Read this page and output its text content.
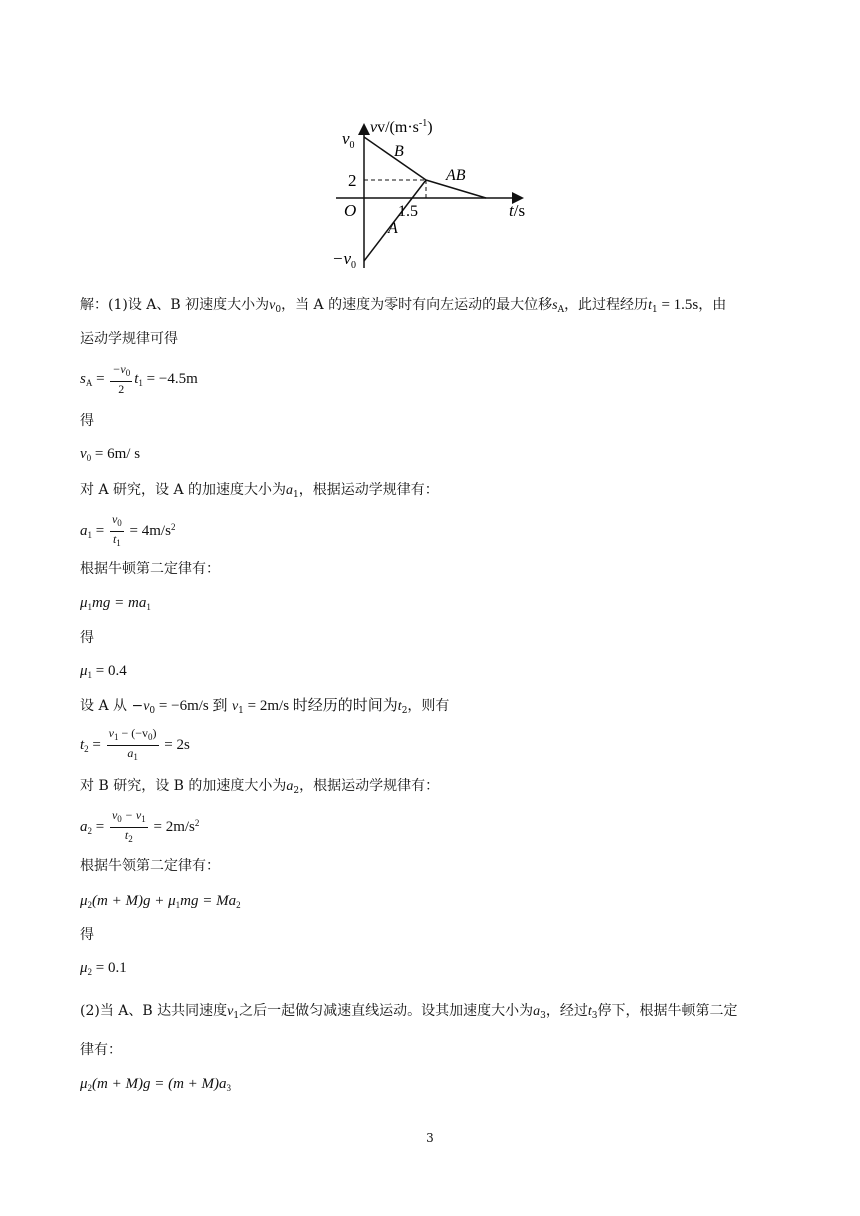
$vv/(m\cdot s^{-1})$
$v_0$
$-v_0$
2
O	1.5	t/s
B
A
AB
解：(1)设 A、B 初速度大小为$v_0$，当 A 的速度为零时有向左运动的最大位移$s_A$，此过程经历$t_1 = 1.5s$，由
运动学规律可得
$s_A = \frac{-v_0}{2} t_1 = -4.5m$
得
$v_0 = 6m/$ s
对 A 研究，设 A 的加速度大小为$a_1$，根据运动学规律有：
$a_1 = \frac{v_0}{t_1} = 4m/s^2$
根据牛顿第二定律有：
$\mu_1mg = ma_1$
得
$\mu_1 = 0.4$
设 A 从 $-v_0 = -6m/s$ 到 $v_1 = 2m/s$ 时经历的时间为$t_2$，则有
$t_2 = \frac{v_1 - (-v_0)}{a_1} = 2s$
对 B 研究，设 B 的加速度大小为$a_2$，根据运动学规律有：
$a_2 = \frac{v_0 - v_1}{t_2} = 2m/s^2$
根据牛领第二定律有：
$\mu_2(m + M)g + \mu_1mg = Ma_2$
得
$\mu_2 = 0.1$
(2)当 A、B 达共同速度$v_1$之后一起做匀减速直线运动。设其加速度大小为$a_3$，经过$t_3$停下，根据牛顿第二定
律有：
$\mu_2(m + M)g = (m + M)a_3$
3
